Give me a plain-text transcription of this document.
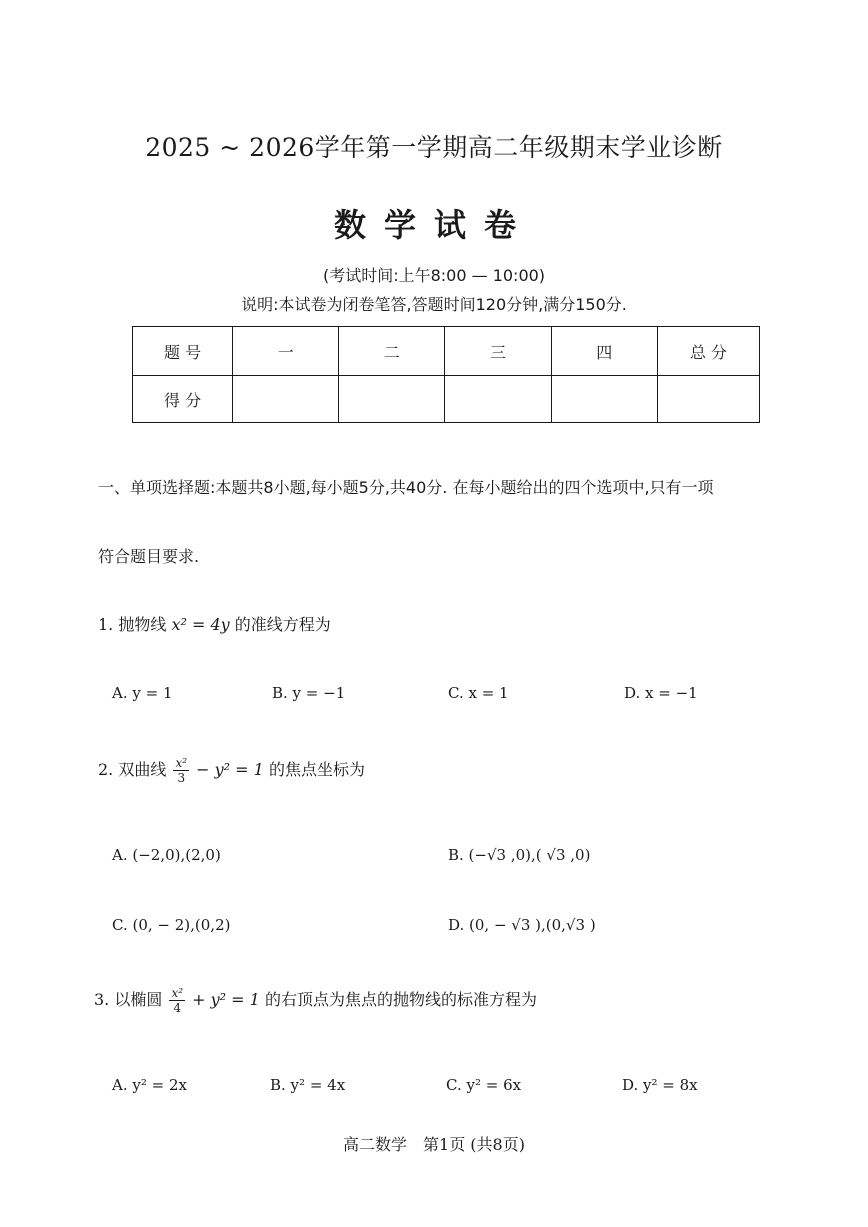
2025 ~ 2026学年第一学期高二年级期末学业诊断
数学试卷
(考试时间:上午8:00 — 10:00)
说明:本试卷为闭卷笔答,答题时间120分钟,满分150分.
题 号	一	二	三	四	总 分
得 分					
一、单项选择题:本题共8小题,每小题5分,共40分. 在每小题给出的四个选项中,只有一项
符合题目要求.
1. 抛物线 x² = 4y 的准线方程为
A. y = 1	B. y = −1	C. x = 1	D. x = −1
2. 双曲线 $\frac{\text{x²}}{3} - y^2 = 1$ 的焦点坐标为
A. (−2,0),(2,0)	B. (−√3 ,0),( √3 ,0)
C. (0, − 2),(0,2)	D. (0, − √3 ),(0,√3 )
3. 以椭圆 $\frac{\text{x²}}{4} + y^2 = 1$ 的右顶点为焦点的抛物线的标准方程为
A. y² = 2x	B. y² = 4x	C. y² = 6x	D. y² = 8x
高二数学　第1页 (共8页)
